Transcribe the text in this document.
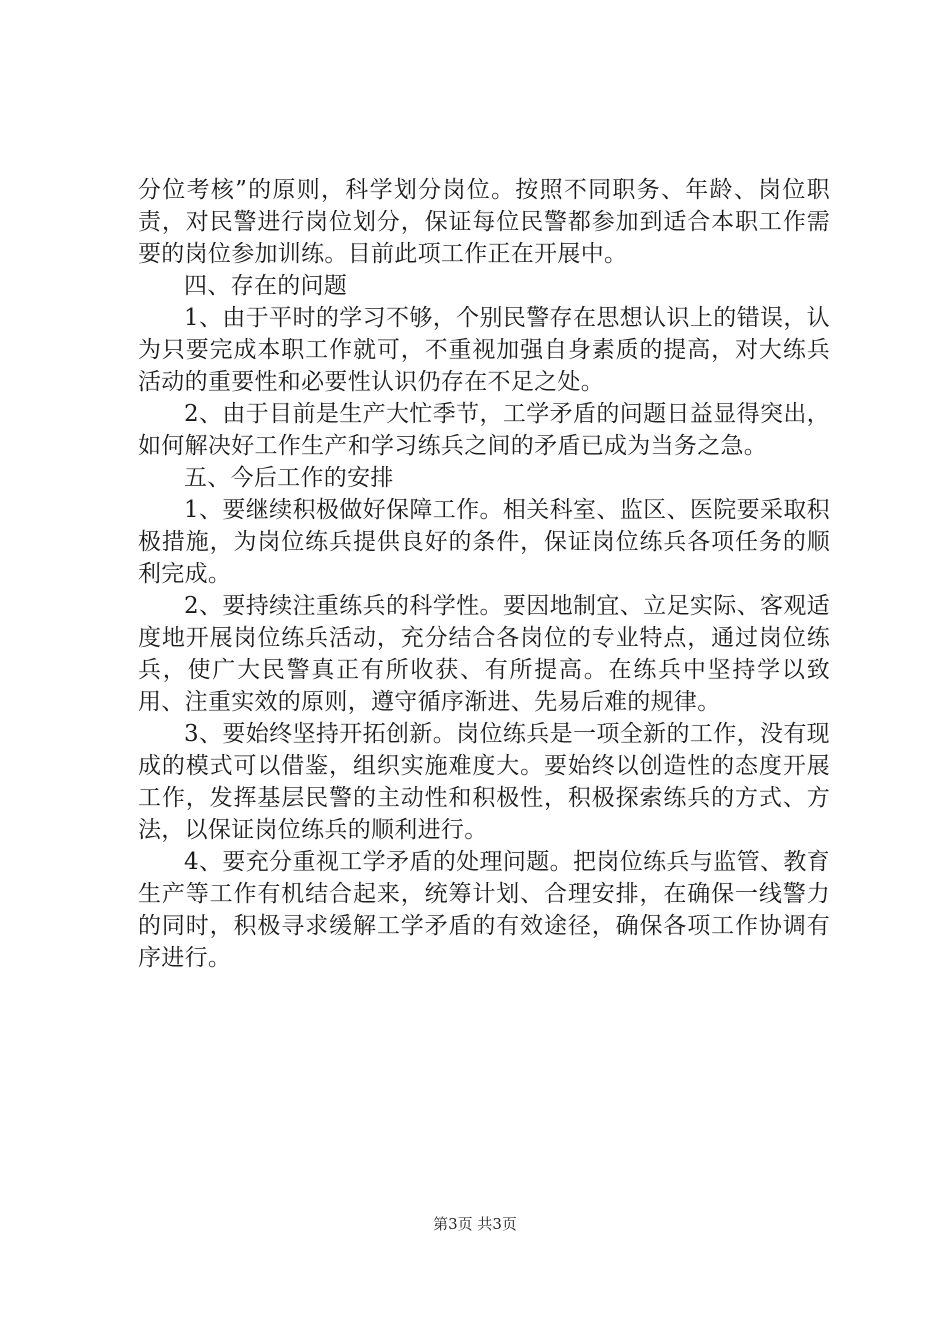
分位考核”的原则，科学划分岗位。按照不同职务、年龄、岗位职责，对民警进行岗位划分，保证每位民警都参加到适合本职工作需要的岗位参加训练。目前此项工作正在开展中。

四、存在的问题

1、由于平时的学习不够，个别民警存在思想认识上的错误，认为只要完成本职工作就可，不重视加强自身素质的提高，对大练兵活动的重要性和必要性认识仍存在不足之处。

2、由于目前是生产大忙季节，工学矛盾的问题日益显得突出，如何解决好工作生产和学习练兵之间的矛盾已成为当务之急。

五、今后工作的安排

1、要继续积极做好保障工作。相关科室、监区、医院要采取积极措施，为岗位练兵提供良好的条件，保证岗位练兵各项任务的顺利完成。

2、要持续注重练兵的科学性。要因地制宜、立足实际、客观适度地开展岗位练兵活动，充分结合各岗位的专业特点，通过岗位练兵，使广大民警真正有所收获、有所提高。在练兵中坚持学以致用、注重实效的原则，遵守循序渐进、先易后难的规律。

3、要始终坚持开拓创新。岗位练兵是一项全新的工作，没有现成的模式可以借鉴，组织实施难度大。要始终以创造性的态度开展工作，发挥基层民警的主动性和积极性，积极探索练兵的方式、方法，以保证岗位练兵的顺利进行。

4、要充分重视工学矛盾的处理问题。把岗位练兵与监管、教育生产等工作有机结合起来，统筹计划、合理安排，在确保一线警力的同时，积极寻求缓解工学矛盾的有效途径，确保各项工作协调有序进行。

第3页 共3页
